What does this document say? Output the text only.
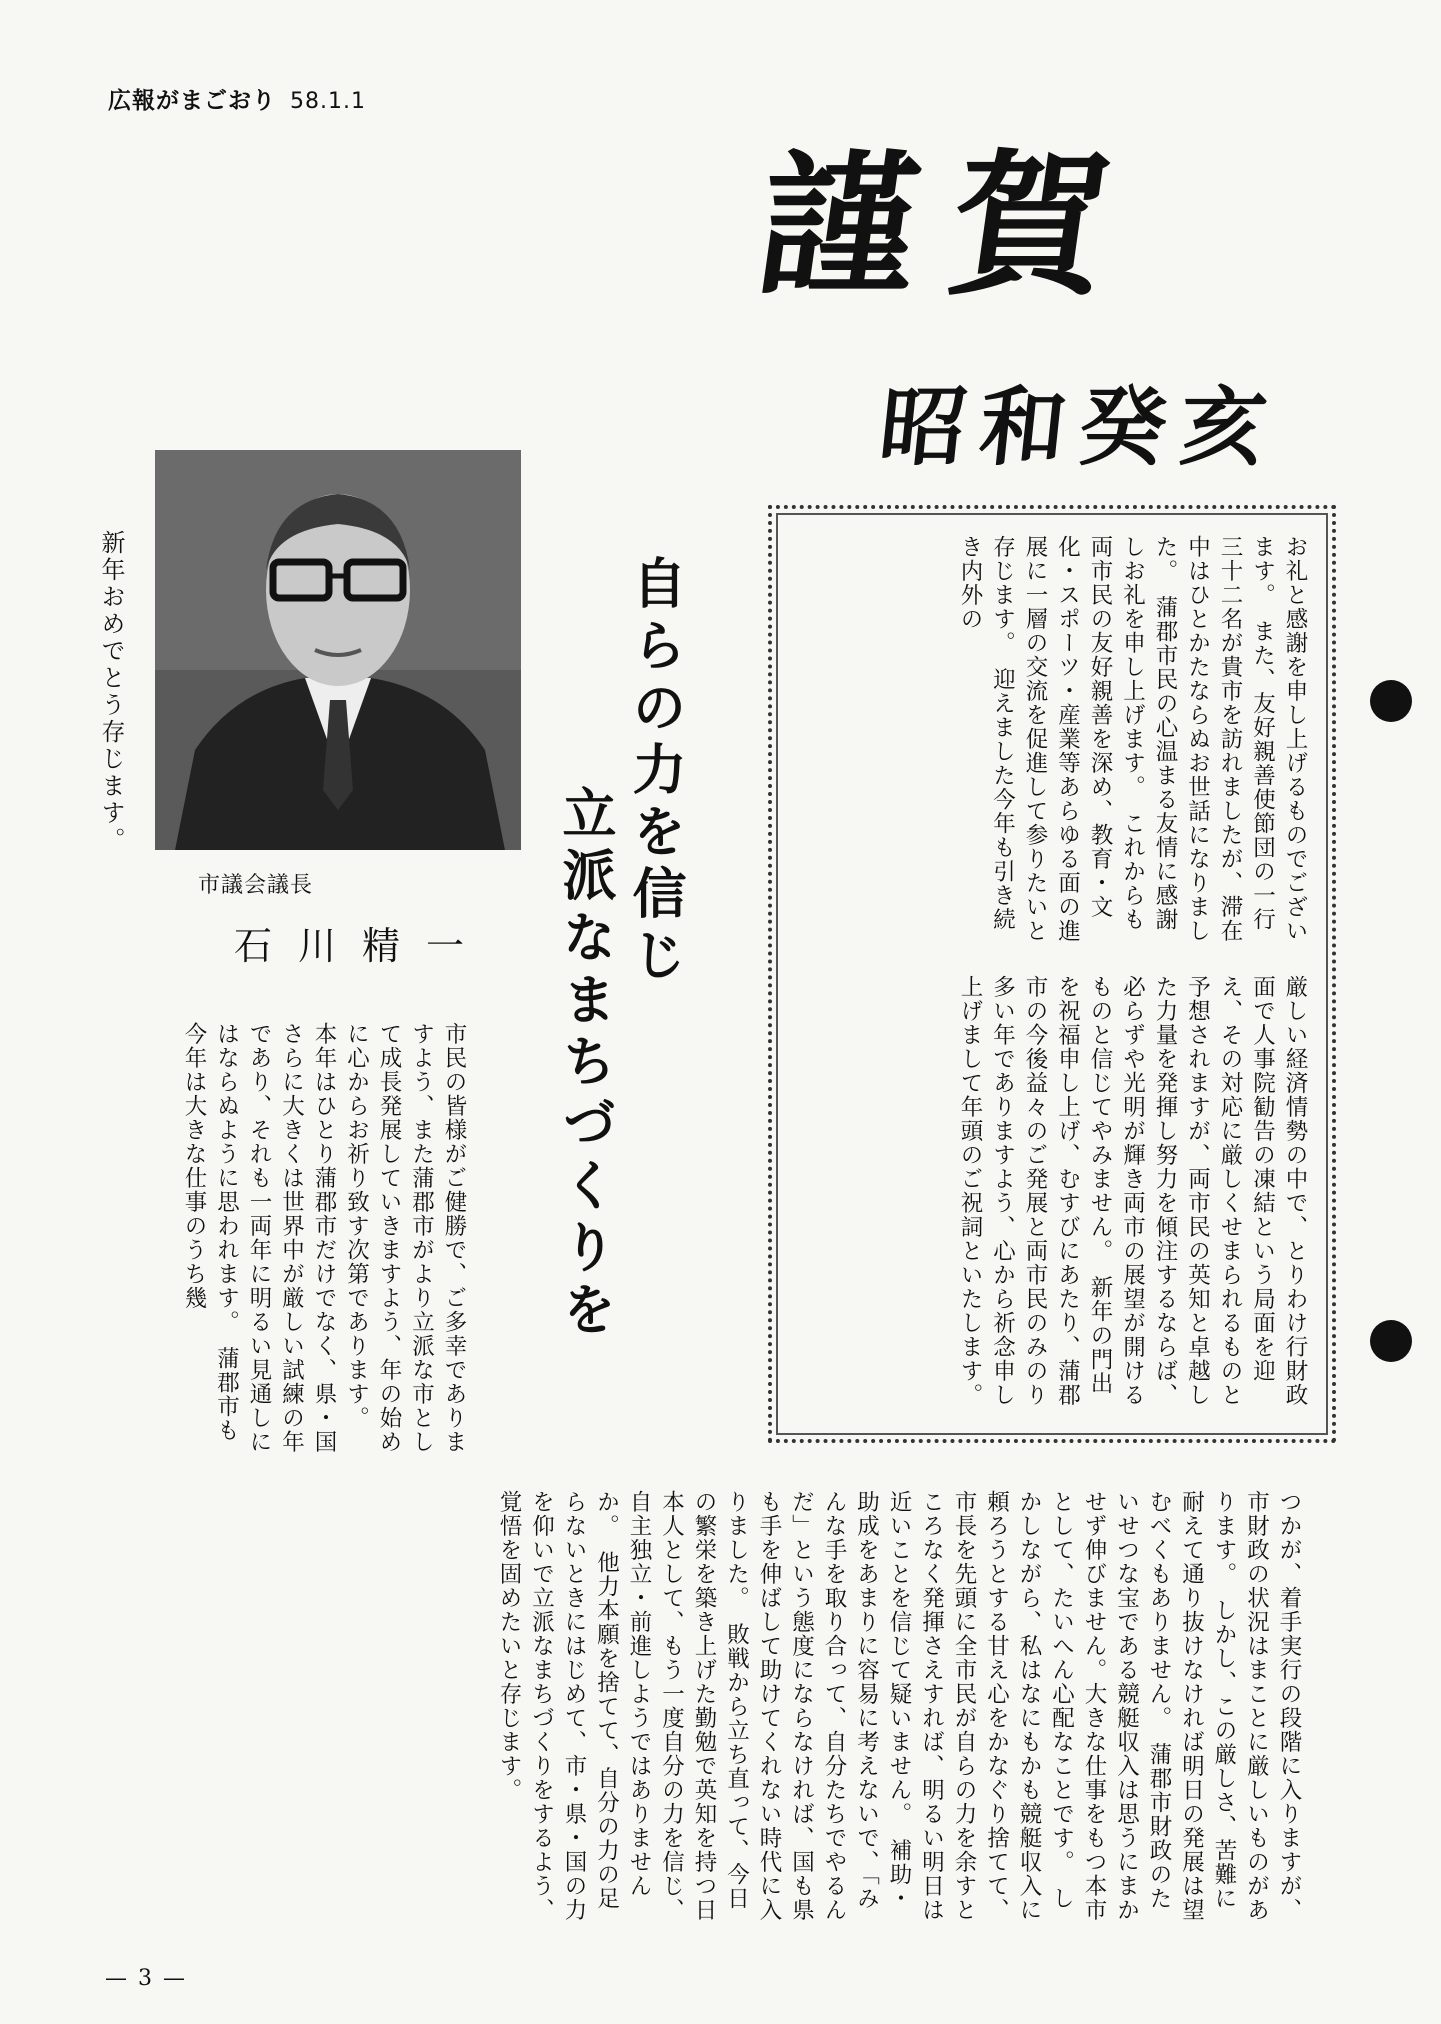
広報がまごおり 58.1.1
謹賀
昭和癸亥
新年おめでとう存じます。
市議会議長
石川精一 自らの力を信じ
立派なまちづくりを
お礼と感謝を申し上げるものでございます。　また、友好親善使節団の一行三十二名が貴市を訪れましたが、滞在中はひとかたならぬお世話になりました。　蒲郡市民の心温まる友情に感謝しお礼を申し上げます。　これからも両市民の友好親善を深め、教育・文化・スポーツ・産業等あらゆる面の進展に一層の交流を促進して参りたいと存じます。　迎えました今年も引き続き内外の
厳しい経済情勢の中で、とりわけ行財政面で人事院勧告の凍結という局面を迎え、その対応に厳しくせまられるものと予想されますが、両市民の英知と卓越した力量を発揮し努力を傾注するならば、必らずや光明が輝き両市の展望が開けるものと信じてやみません。　新年の門出を祝福申し上げ、むすびにあたり、蒲郡市の今後益々のご発展と両市民のみのり多い年でありますよう、心から祈念申し上げまして年頭のご祝詞といたします。
市民の皆様がご健勝で、ご多幸でありますよう、また蒲郡市がより立派な市として成長発展していきますよう、年の始めに心からお祈り致す次第であります。　本年はひとり蒲郡市だけでなく、県・国さらに大きくは世界中が厳しい試練の年であり、それも一両年に明るい見通しにはならぬように思われます。　蒲郡市も今年は大きな仕事のうち幾
つかが、着手実行の段階に入りますが、市財政の状況はまことに厳しいものがあります。　しかし、この厳しさ、苦難に耐えて通り抜けなければ明日の発展は望むべくもありません。　蒲郡市財政のたいせつな宝である競艇収入は思うにまかせず伸びません。大きな仕事をもつ本市として、たいへん心配なことです。　しかしながら、私はなにもかも競艇収入に頼ろうとする甘え心をかなぐり捨てて、市長を先頭に全市民が自らの力を余すところなく発揮さえすれば、明るい明日は近いことを信じて疑いません。　補助・助成をあまりに容易に考えないで、「みんな手を取り合って、自分たちでやるんだ」という態度にならなければ、国も県も手を伸ばして助けてくれない時代に入りました。　敗戦から立ち直って、今日の繁栄を築き上げた勤勉で英知を持つ日本人として、もう一度自分の力を信じ、自主独立・前進しようではありませんか。　他力本願を捨てて、自分の力の足らないときにはじめて、市・県・国の力を仰いで立派なまちづくりをするよう、覚悟を固めたいと存じます。
— 3 —
